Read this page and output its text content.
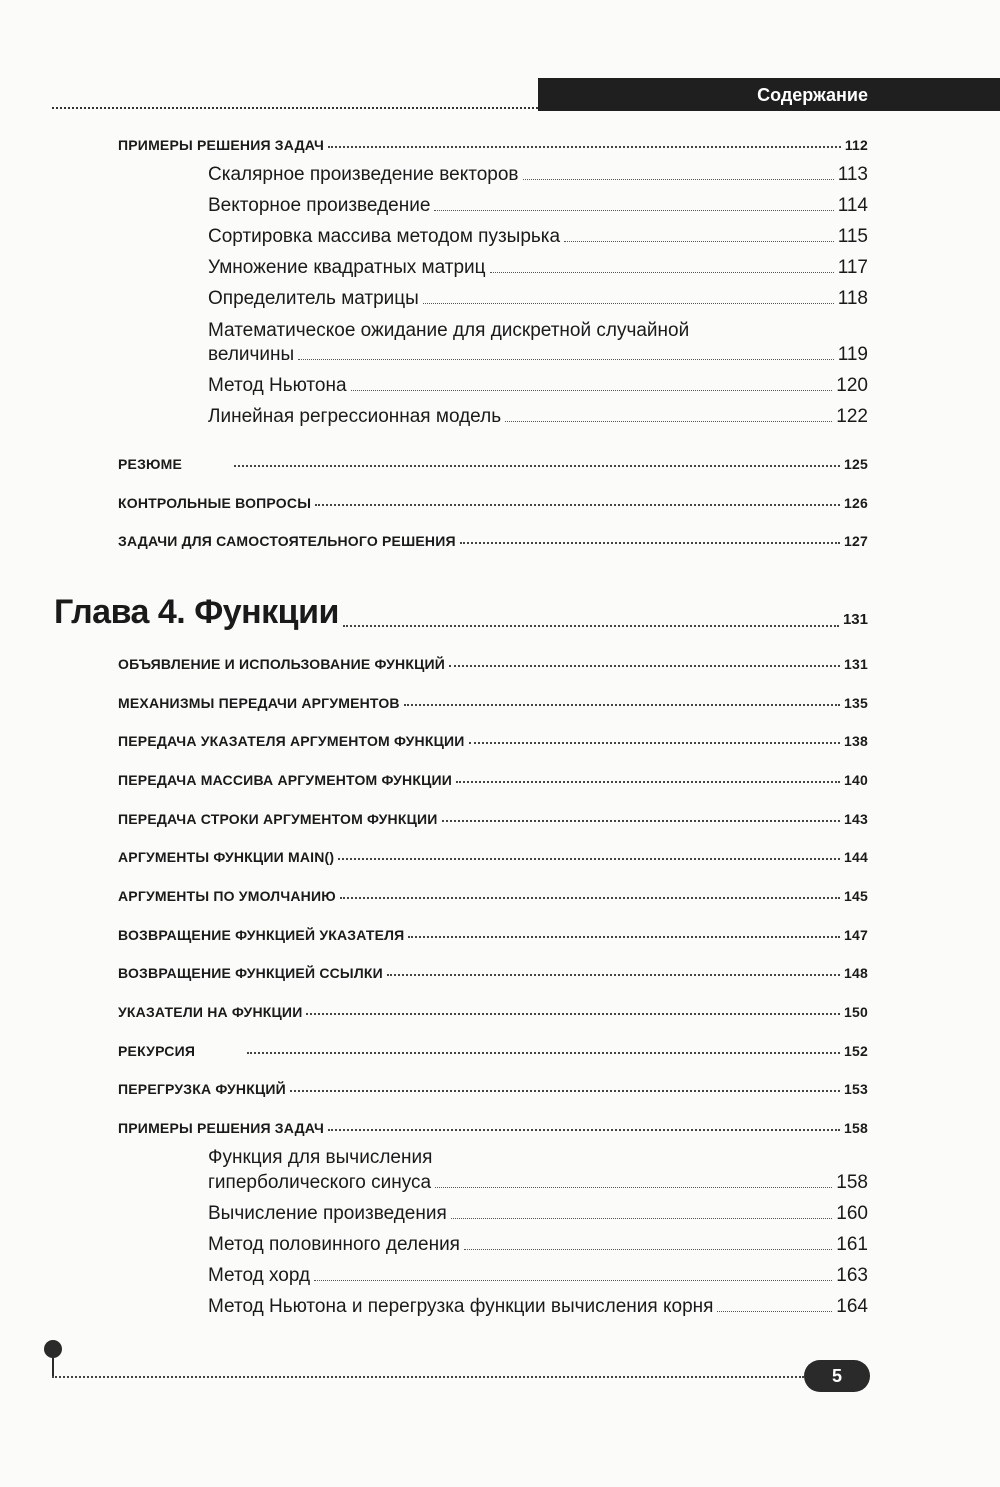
Содержание
ПРИМЕРЫ РЕШЕНИЯ ЗАДАЧ	112
Скалярное произведение векторов	113
Векторное произведение	114
Сортировка массива методом пузырька	115
Умножение квадратных матриц	117
Определитель матрицы	118
Математическое ожидание для дискретной случайной
величины	119
Метод Ньютона	120
Линейная регрессионная модель	122
РЕЗЮМЕ	125
КОНТРОЛЬНЫЕ ВОПРОСЫ	126
ЗАДАЧИ ДЛЯ САМОСТОЯТЕЛЬНОГО РЕШЕНИЯ	127
Глава 4. Функции	131
ОБЪЯВЛЕНИЕ И ИСПОЛЬЗОВАНИЕ ФУНКЦИЙ	131
МЕХАНИЗМЫ ПЕРЕДАЧИ АРГУМЕНТОВ	135
ПЕРЕДАЧА УКАЗАТЕЛЯ АРГУМЕНТОМ ФУНКЦИИ	138
ПЕРЕДАЧА МАССИВА АРГУМЕНТОМ ФУНКЦИИ	140
ПЕРЕДАЧА СТРОКИ АРГУМЕНТОМ ФУНКЦИИ	143
АРГУМЕНТЫ ФУНКЦИИ MAIN()	144
АРГУМЕНТЫ ПО УМОЛЧАНИЮ	145
ВОЗВРАЩЕНИЕ ФУНКЦИЕЙ УКАЗАТЕЛЯ	147
ВОЗВРАЩЕНИЕ ФУНКЦИЕЙ ССЫЛКИ	148
УКАЗАТЕЛИ НА ФУНКЦИИ	150
РЕКУРСИЯ	152
ПЕРЕГРУЗКА ФУНКЦИЙ	153
ПРИМЕРЫ РЕШЕНИЯ ЗАДАЧ	158
Функция для вычисления
гиперболического синуса	158
Вычисление произведения	160
Метод половинного деления	161
Метод хорд	163
Метод Ньютона и перегрузка функции вычисления корня	164
5
